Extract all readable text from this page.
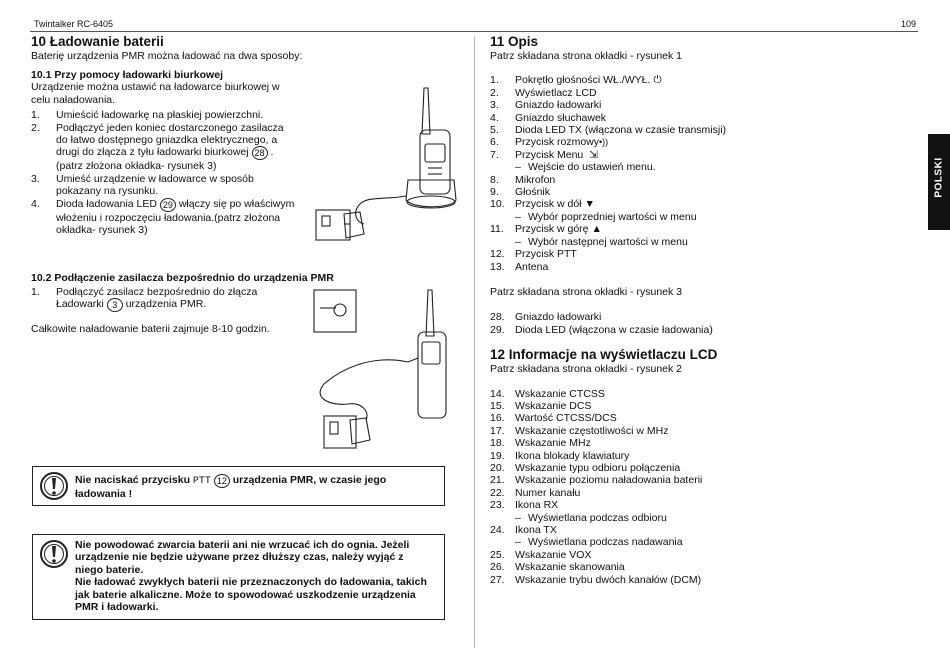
Twintalker RC-6405	109
POLSKI
10 Ładowanie baterii

Baterię urządzenia PMR można ładować na dwa sposoby:

10.1 Przy pomocy ładowarki biurkowej

Urządzenie można ustawić na ładowarce biurkowej w celu naładowania.

1.	Umieścić ładowarkę na płaskiej powierzchni.
2.	Podłączyć jeden koniec dostarczonego zasilacza do łatwo dostępnego gniazdka elektrycznego, a drugi do złącza z tyłu ładowarki biurkowej 28 .(patrz złożona okładka- rysunek 3)
3.	Umieść urządzenie w ładowarce w sposób pokazany na rysunku.
4.	Dioda ładowania LED 29 włączy się po właściwym włożeniu i rozpoczęciu ładowania.(patrz złożona okładka- rysunek 3)
10.2 Podłączenie zasilacza bezpośrednio do urządzenia PMR
1.	Podłączyć zasilacz bezpośrednio do złącza Ładowarki 3 urządzenia PMR.

Całkowite naładowanie baterii zajmuje 8-10 godzin.

Nie naciskać przycisku PTT 12 urządzenia PMR, w czasie jego ładowania !

Nie powodować zwarcia baterii ani nie wrzucać ich do ognia. Jeżeli urządzenie nie będzie używane przez dłuższy czas, należy wyjąć z niego baterie.

Nie ładować zwykłych baterii nie przeznaczonych do ładowania, takich jak baterie alkaliczne. Może to spowodować uszkodzenie urządzenia PMR i ładowarki.

11 Opis

Patrz składana strona okładki - rysunek 1

1.	Pokrętło głośności WŁ./WYŁ. ⏻
2.	Wyświetlacz LCD
3.	Gniazdo ładowarki
4.	Gniazdo słuchawek
5.	Dioda LED TX (włączona w czasie transmisji)
6.	Przycisk rozmowy•))
7.	Przycisk Menu ⇲
– Wejście do ustawień menu.
8.	Mikrofon
9.	Głośnik
10. Przycisk w dół ▼
– Wybór poprzedniej wartości w menu
11.	Przycisk w górę ▲
– Wybór następnej wartości w menu
12. Przycisk PTT
13. Antena

Patrz składana strona okładki - rysunek 3

28. Gniazdo ładowarki
29. Dioda LED (włączona w czasie ładowania)
12 Informacje na wyświetlaczu LCD

Patrz składana strona okładki - rysunek 2

14. Wskazanie CTCSS
15. Wskazanie DCS
16. Wartość CTCSS/DCS
17. Wskazanie częstotliwości w MHz
18. Wskazanie MHz
19. Ikona blokady klawiatury
20. Wskazanie typu odbioru połączenia
21. Wskazanie poziomu naładowania baterii
22. Numer kanału
23. Ikona RX
– Wyświetlana podczas odbioru
24. Ikona TX
– Wyświetlana podczas nadawania
25. Wskazanie VOX
26. Wskazanie skanowania
27. Wskazanie trybu dwóch kanałów (DCM)
